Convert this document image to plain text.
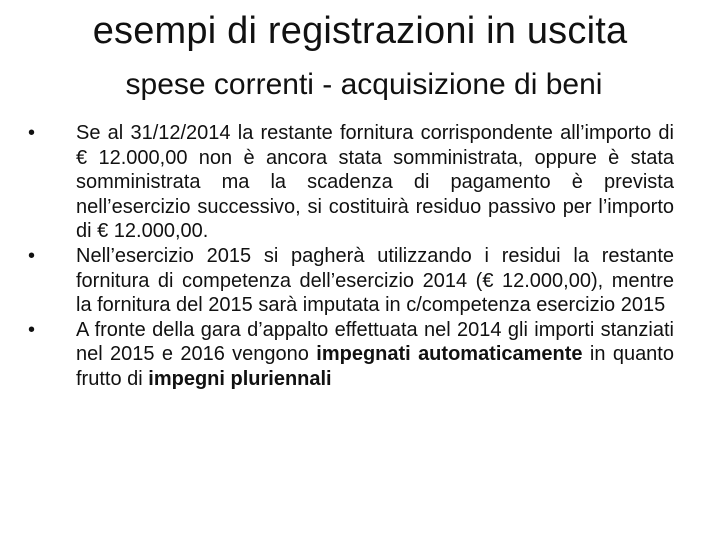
esempi di registrazioni in uscita
spese correnti - acquisizione di beni
• Se al 31/12/2014 la restante fornitura corrispondente all’importo di € 12.000,00 non è ancora stata somministrata, oppure è stata somministrata ma la scadenza di pagamento è prevista nell’esercizio successivo, si costituirà residuo passivo per l’importo di € 12.000,00.
• Nell’esercizio 2015 si pagherà utilizzando i residui la restante fornitura di competenza dell’esercizio 2014 (€ 12.000,00), mentre la fornitura del 2015 sarà imputata in c/competenza esercizio 2015
• A fronte della gara d’appalto effettuata nel 2014 gli importi stanziati nel 2015 e 2016 vengono impegnati automaticamente in quanto frutto di impegni pluriennali
